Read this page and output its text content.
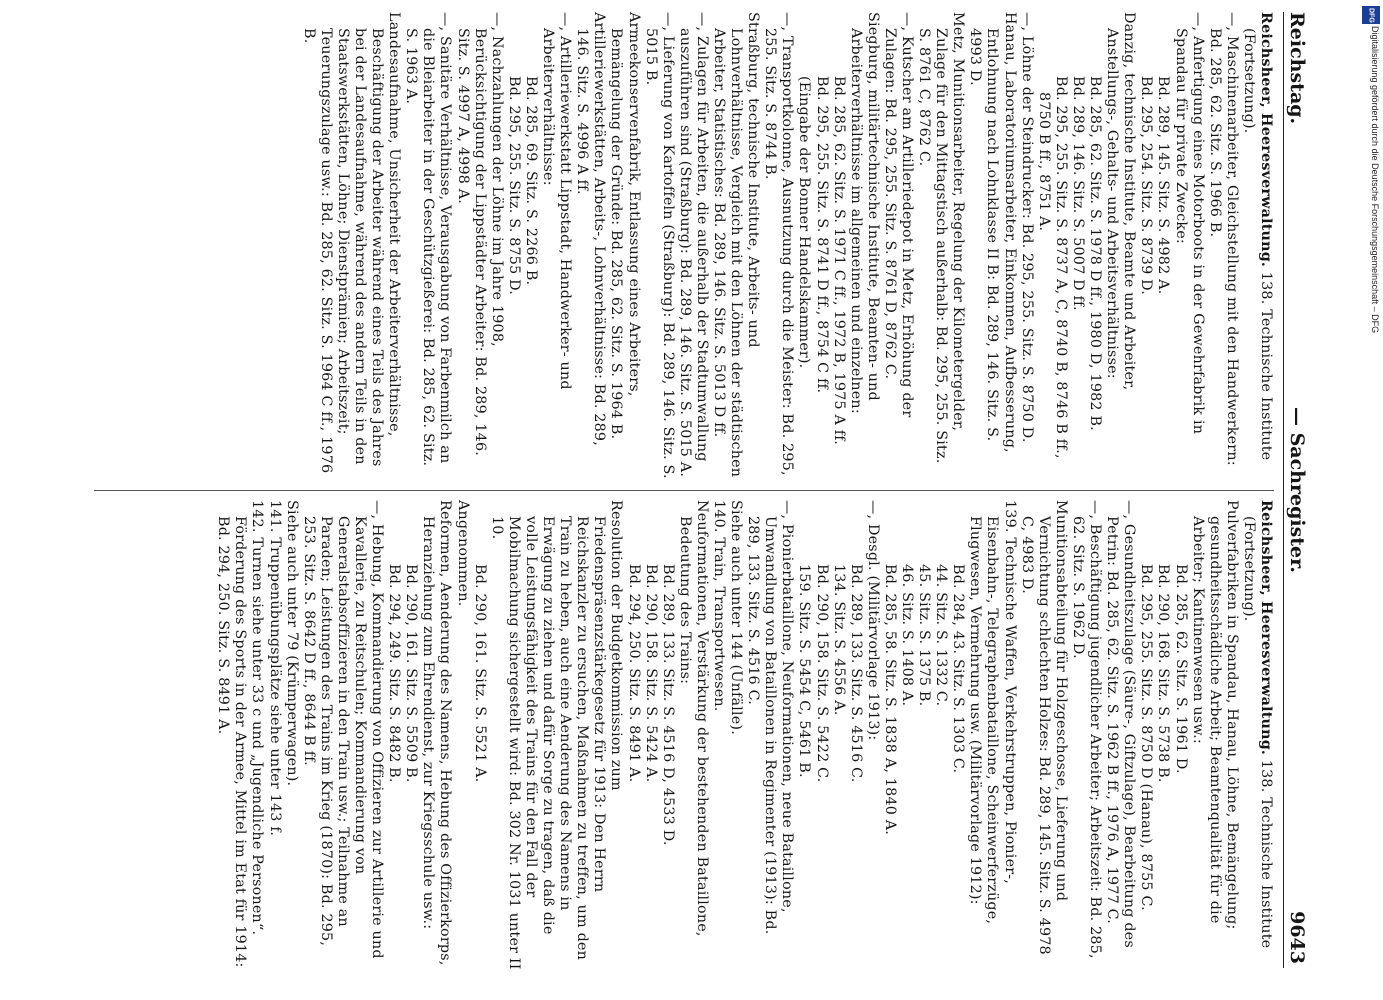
Reichstag.
— Sachregister.
9643
Reichsheer, Heeresverwaltung. 138. Technische Institute (Fortsetzung).
—, Maschinenarbeiter, Gleichstellung mit den Handwerkern: Bd. 285, 62. Sitz. S. 1966 B.
—, Anfertigung eines Motorboots in der Gewehrfabrik in Spandau für private Zwecke:
Bd. 289, 145. Sitz. S. 4982 A.
Bd. 295, 254. Sitz. S. 8739 D.
Danzig, technische Institute, Beamte und Arbeiter, Anstellungs-, Gehalts- und Arbeitsverhältnisse:
Bd. 285, 62. Sitz. S. 1978 D ff., 1980 D, 1982 B.
Bd. 289, 146. Sitz. S. 5007 D ff.
Bd. 295, 255. Sitz. S. 8737 A, C, 8740 B, 8746 B ff., 8750 B ff., 8751 A.
—, Löhne der Steindrucker: Bd. 295, 255. Sitz. S. 8750 D.
Hanau, Laboratoriumsarbeiter, Einkommen, Aufbesserung, Entlohnung nach Lohnklasse II B: Bd. 289, 146. Sitz. S. 4993 D.
Metz, Munitionsarbeiter, Regelung der Kilometergelder, Zulage für den Mittagstisch außerhalb: Bd. 295, 255. Sitz. S. 8761 C, 8762 C.
—, Kutscher am Artilleriedepot in Metz, Erhöhung der Zulagen: Bd. 295, 255. Sitz. S. 8761 D, 8762 C.
Siegburg, militärtechnische Institute, Beamten- und Arbeiterverhältnisse im allgemeinen und einzelnen:
Bd. 285, 62. Sitz. S. 1971 C ff., 1972 B, 1975 A ff.
Bd. 295, 255. Sitz. S. 8741 D ff., 8754 C ff.
(Eingabe der Bonner Handelskammer).
—, Transportkolonne, Ausnutzung durch die Meister: Bd. 295, 255. Sitz. S. 8744 B.
Straßburg, technische Institute, Arbeits- und Lohnverhältnisse, Vergleich mit den Löhnen der städtischen Arbeiter, Statistisches: Bd. 289, 146. Sitz. S. 5013 D ff.
—, Zulagen für Arbeiten, die außerhalb der Stadtumwallung auszuführen sind (Straßburg): Bd. 289, 146. Sitz. S. 5015 A.
—, Lieferung von Kartoffeln (Straßburg): Bd. 289, 146. Sitz. S. 5015 B.
Armeekonservenfabrik, Entlassung eines Arbeiters, Bemängelung der Gründe: Bd. 285, 62. Sitz. S. 1964 B.
Artilleriewerkstätten, Arbeits-, Lohnverhältnisse: Bd. 289, 146. Sitz. S. 4996 A ff.
—, Artilleriewerkstatt Lippstadt, Handwerker- und Arbeiterverhältnisse:
Bd. 285, 69. Sitz. S. 2266 B.
Bd. 295, 255. Sitz. S. 8755 D.
—, Nachzahlungen der Löhne im Jahre 1908, Berücksichtigung der Lippstädter Arbeiter: Bd. 289, 146. Sitz. S. 4997 A, 4998 A.
—, Sanitäre Verhältnisse, Verausgabung von Farbenmilch an die Bleiarbeiter in der Geschützgießerei: Bd. 285, 62. Sitz. S. 1963 A.
Landesaufnahme, Unsicherheit der Arbeiterverhältnisse, Beschäftigung der Arbeiter während eines Teils des Jahres bei der Landesaufnahme, während des andern Teils in den Staatswerkstätten, Löhne; Dienstprämien; Arbeitszeit; Teuerungszulage usw.: Bd. 285, 62. Sitz. S. 1964 C ff., 1976 B.
Reichsheer, Heeresverwaltung. 138. Technische Institute (Fortsetzung).
Pulverfabriken in Spandau, Hanau, Löhne, Bemängelung; gesundheitsschädliche Arbeit; Beamtenqualität für die Arbeiter; Kantinenwesen usw.:
Bd. 285, 62. Sitz. S. 1961 D.
Bd. 290, 168. Sitz. S. 5738 B.
Bd. 295, 255. Sitz. S. 8750 D (Hanau), 8755 C.
—, Gesundheitszulage (Säure-, Giftzulage), Bearbeitung des Petrin: Bd. 285, 62. Sitz. S. 1962 B ff., 1976 A, 1977 C.
—, Beschäftigung jugendlicher Arbeiter; Arbeitszeit: Bd. 285, 62. Sitz. S. 1962 D.
Munitionsabteilung für Holzgeschosse, Lieferung und Vernichtung schlechten Holzes: Bd. 289, 145. Sitz. S. 4978 C, 4983 D.
139. Technische Waffen, Verkehrstruppen, Pionier-, Eisenbahn-, Telegraphenbataillone, Scheinwerferzüge, Flugwesen, Vermehrung usw. (Militärvorlage 1912):
Bd. 284, 43. Sitz. S. 1303 C.
44. Sitz. S. 1332 C.
45. Sitz. S. 1375 B.
46. Sitz. S. 1408 A.
Bd. 285, 58. Sitz. S. 1838 A, 1840 A.
—, Desgl. (Militärvorlage 1913):
Bd. 289, 133. Sitz. S. 4516 C.
134. Sitz. S. 4556 A.
Bd. 290, 158. Sitz. S. 5422 C.
159. Sitz. S. 5454 C, 5461 B.
—, Pionierbataillone, Neuformationen, neue Bataillone, Umwandlung von Bataillonen in Regimenter (1913): Bd. 289, 133. Sitz. S. 4516 C.
Siehe auch unter 144 (Unfälle).
140. Train, Transportwesen.
Neuformationen, Verstärkung der bestehenden Bataillone, Bedeutung des Trains:
Bd. 289, 133. Sitz. S. 4516 D, 4533 D.
Bd. 290, 158. Sitz. S. 5424 A.
Bd. 294, 250. Sitz. S. 8491 A.
Resolution der Budgetkommission zum Friedenspräsenzstärkegesetz für 1913: Den Herrn Reichskanzler zu ersuchen, Maßnahmen zu treffen, um den Train zu heben, auch eine Aenderung des Namens in Erwägung zu ziehen und dafür Sorge zu tragen, daß die volle Leistungsfähigkeit des Trains für den Fall der Mobilmachung sichergestellt wird: Bd. 302 Nr. 1031 unter II 10.
Bd. 290, 161. Sitz. S. 5521 A.
Angenommen.
Reformen, Aenderung des Namens, Hebung des Offizierkorps, Heranziehung zum Ehrendienst, zur Kriegsschule usw.:
Bd. 290, 161. Sitz. S. 5509 B.
Bd. 294, 249. Sitz. S. 8482 B.
—, Hebung, Kommandierung von Offizieren zur Artillerie und Kavallerie, zu Reitschulen; Kommandierung von Generalstabsoffizieren in den Train usw.; Teilnahme an Paraden; Leistungen des Trains im Krieg (1870): Bd. 295, 253. Sitz. S. 8642 D ff., 8644 B ff.
Siehe auch unter 79 (Krümperwagen).
141. Truppenübungsplätze siehe unter 143 f.
142. Turnen siehe unter 33 c und „Jugendliche Personen“. Förderung des Sports in der Armee, Mittel im Etat für 1914: Bd. 294, 250. Sitz. S. 8491 A.
DFG
Digitalisierung gefördert durch die Deutsche Forschungsgemeinschaft – DFG
